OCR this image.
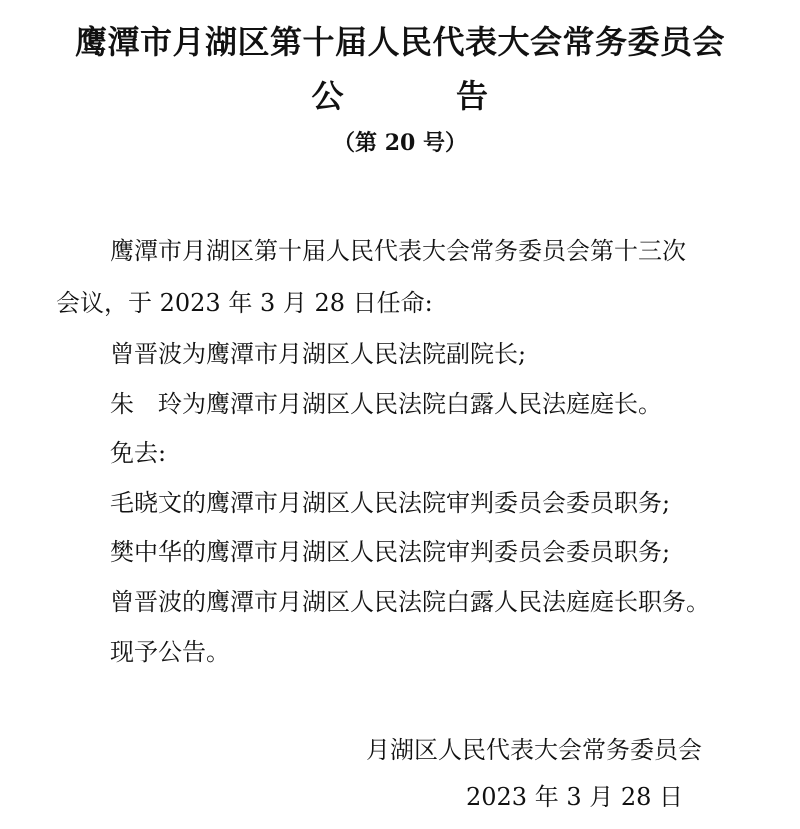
鹰潭市月湖区第十届人民代表大会常务委员会
公	告
（第 20 号）
鹰潭市月湖区第十届人民代表大会常务委员会第十三次
会议，于 2023 年 3 月 28 日任命:
曾晋波为鹰潭市月湖区人民法院副院长;
朱　玲为鹰潭市月湖区人民法院白露人民法庭庭长。
免去:
毛晓文的鹰潭市月湖区人民法院审判委员会委员职务;
樊中华的鹰潭市月湖区人民法院审判委员会委员职务;
曾晋波的鹰潭市月湖区人民法院白露人民法庭庭长职务。
现予公告。
月湖区人民代表大会常务委员会
2023 年 3 月 28 日
